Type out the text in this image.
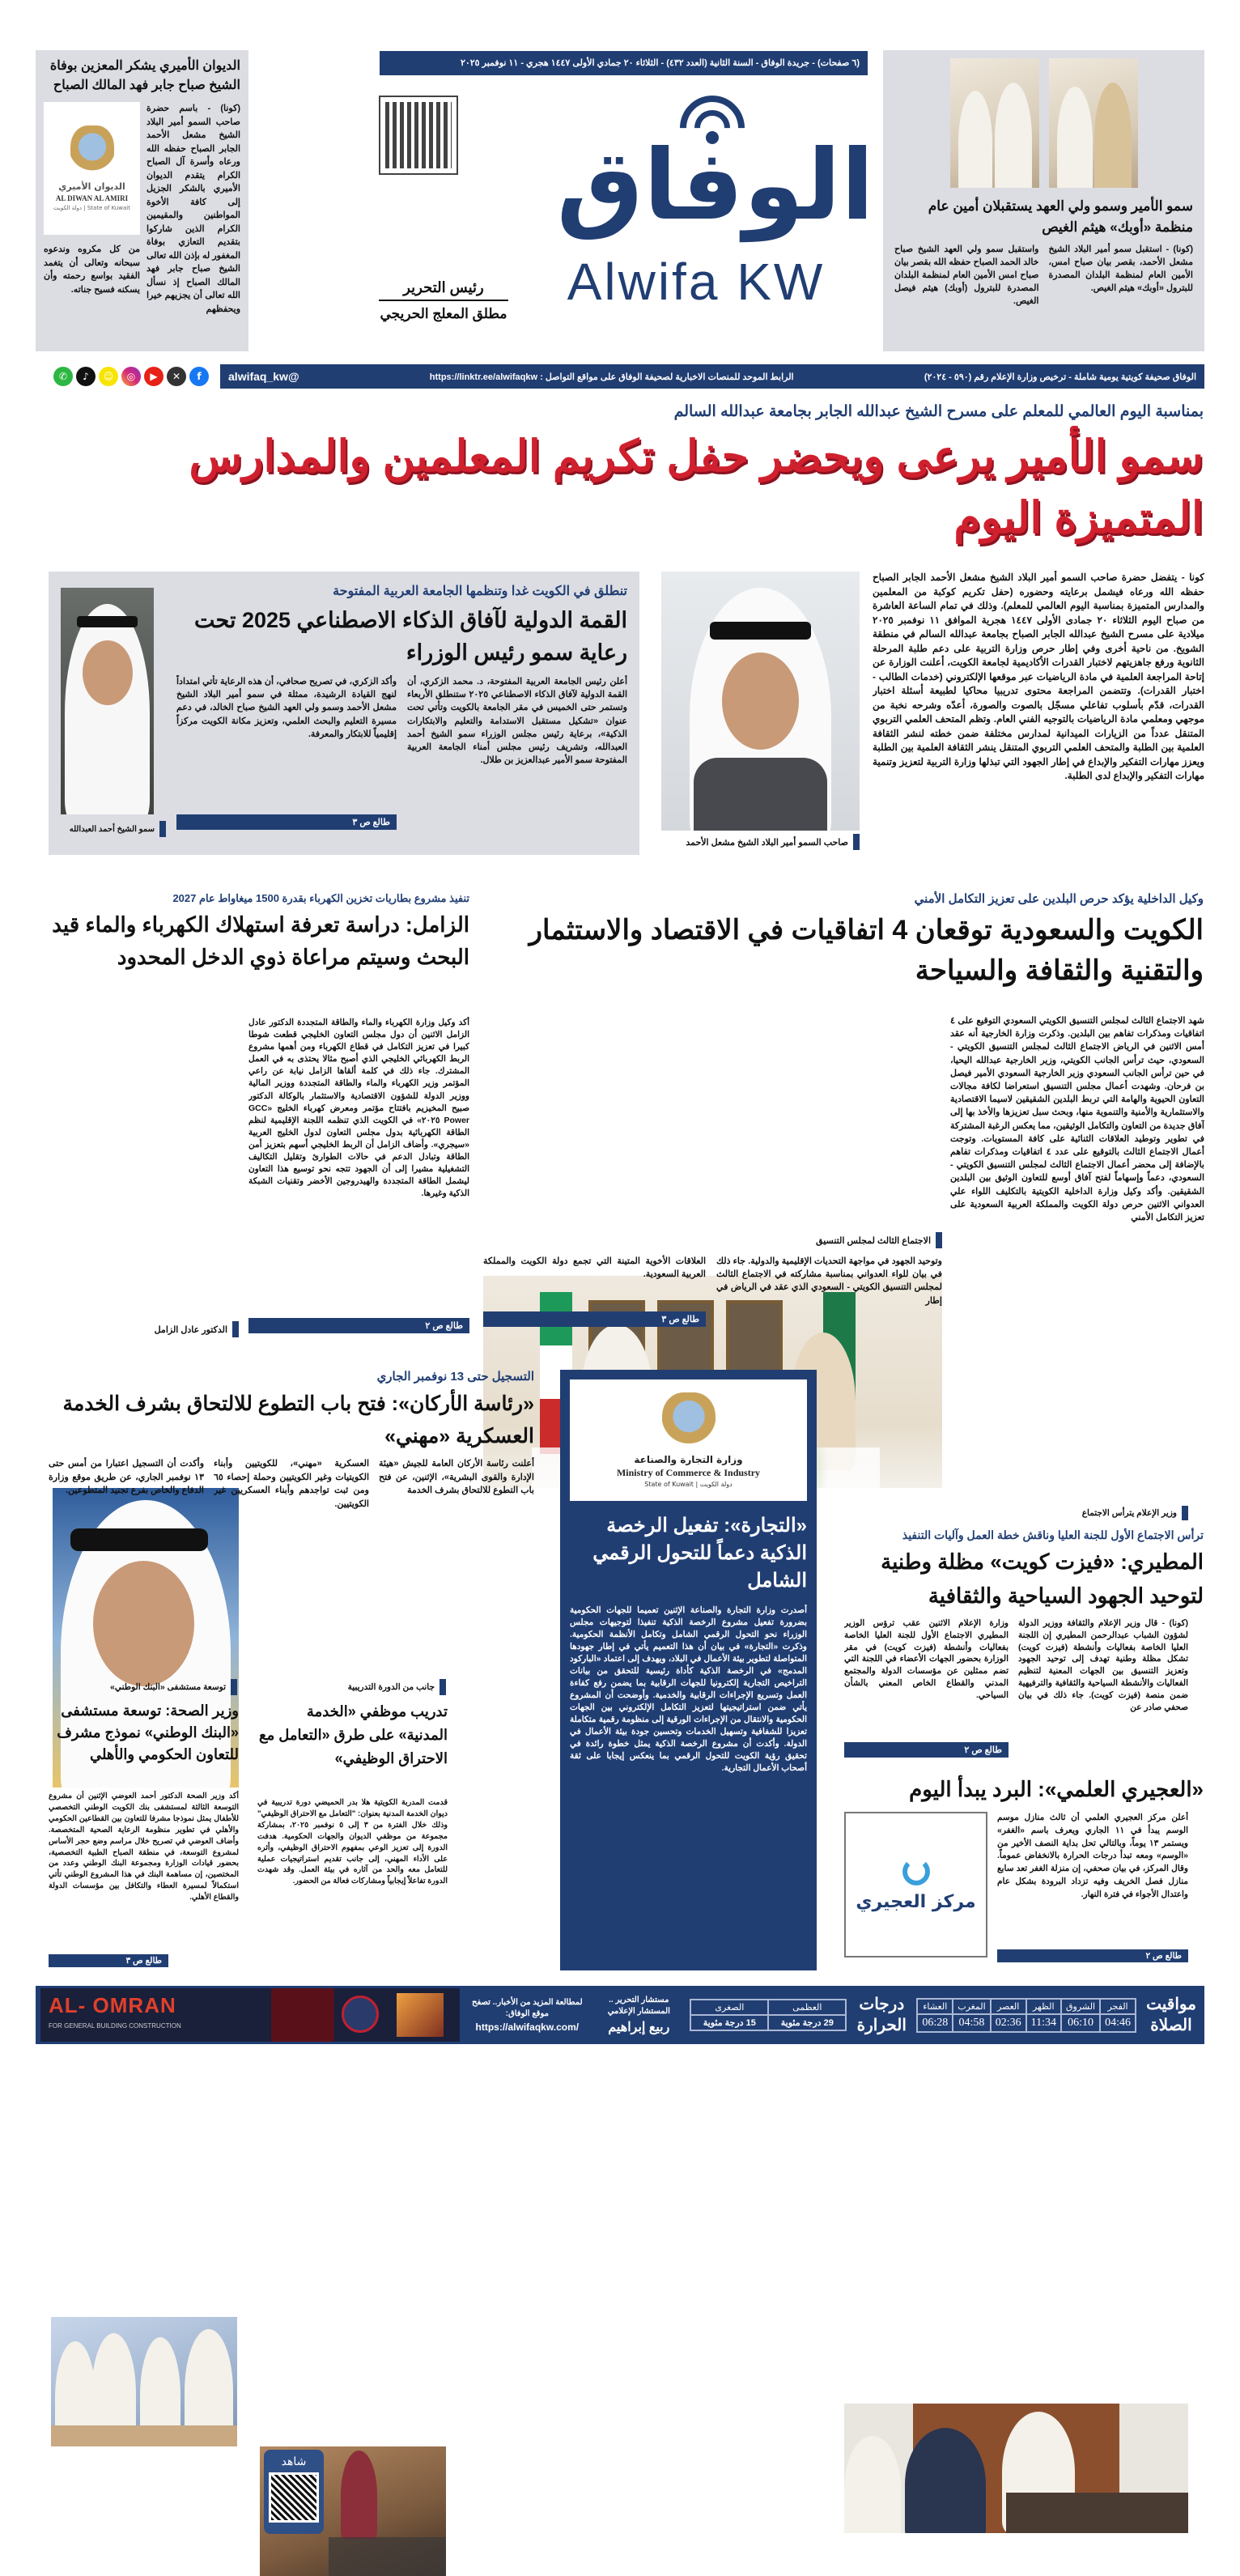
الديوان الأميري يشكر المعزين بوفاة الشيخ صباح جابر فهد المالك الصباح
(كونا) - باسم حضرة صاحب السمو أمير البلاد الشيخ مشعل الأحمد الجابر الصباح حفظه الله ورعاه وأسرة آل الصباح الكرام يتقدم الديوان الأميري بالشكر الجزيل إلى كافة الأخوة المواطنين والمقيمين الكرام الذين شاركوا بتقديم التعازي بوفاة المغفور له بإذن الله تعالى الشيخ صباح جابر فهد المالك الصباح إذ نسأل الله تعالى أن يجزيهم خيرا ويحفظهم
الديوان الأميري
AL DIWAN AL AMIRI
State of Kuwait | دولة الكويت
من كل مكروه وندعوه سبحانه وتعالى أن يتغمد الفقيد بواسع رحمته وأن يسكنه فسيح جناته.
(٦ صفحات) - جريدة الوفاق - السنة الثانية (العدد ٤٣٢) - الثلاثاء ٢٠ جمادي الأولى ١٤٤٧ هجري - ١١ نوفمبر ٢٠٢٥
الوفاق
Alwifa KW
رئيس التحرير
مطلق المعلج الحريجي
سمو الأمير وسمو ولي العهد يستقبلان أمين عام منظمة «أوبك» هيثم الغيص
(كونا) - استقبل سمو أمير البلاد الشيخ مشعل الأحمد، بقصر بيان صباح امس، الأمين العام لمنظمة البلدان المصدرة للبترول «أوبك» هيثم الغيص.
واستقبل سمو ولي العهد الشيخ صباح خالد الحمد الصباح حفظه الله بقصر بيان صباح امس الأمين العام لمنظمة البلدان المصدرة للبترول (أوبك) هيثم فيصل الغيص.
✆	♪	☺	◎	▶	✕	f	الوفاق صحيفة كويتية يومية شاملة - ترخيص وزارة الإعلام رقم (٥٩٠ - ٢٠٢٤)
الرابط الموحد للمنصات الاخبارية لصحيفة الوفاق على مواقع التواصل : https://linktr.ee/alwifaqkw
@alwifaq_kw
بمناسبة اليوم العالمي للمعلم على مسرح الشيخ عبدالله الجابر بجامعة عبدالله السالم
سمو الأمير يرعى ويحضر حفل تكريم المعلمين والمدارس المتميزة اليوم
كونا - يتفضل حضرة صاحب السمو أمير البلاد الشيخ مشعل الأحمد الجابر الصباح حفظه الله ورعاه فيشمل برعايته وحضوره (حفل تكريم كوكبة من المعلمين والمدارس المتميزة بمناسبة اليوم العالمي للمعلم). وذلك في تمام الساعة العاشرة من صباح اليوم الثلاثاء ٢٠ جمادى الأولى ١٤٤٧ هجرية الموافق ١١ نوفمبر ٢٠٢٥ ميلادية على مسرح الشيخ عبدالله الجابر الصباح بجامعة عبدالله السالم في منطقة الشويخ. من ناحية أخرى وفي إطار حرص وزارة التربية على دعم طلبة المرحلة الثانوية ورفع جاهزيتهم لاختبار القدرات الأكاديمية لجامعة الكويت، أعلنت الوزارة عن إتاحة المراجعة العلمية في مادة الرياضيات عبر موقعها الإلكتروني (خدمات الطالب - اختبار القدرات). وتتضمن المراجعة محتوى تدريبيا محاكيا لطبيعة أسئلة اختبار القدرات، قدّم بأسلوب تفاعلي مسجّل بالصوت والصورة، أعدّه وشرحه نخبة من موجهي ومعلمي مادة الرياضيات بالتوجيه الفني العام. وتظم المتحف العلمي التربوي المتنقل عدداً من الزيارات الميدانية لمدارس مختلفة ضمن خطته لنشر الثقافة العلمية بين الطلبة والمتحف العلمي التربوي المتنقل ينشر الثقافة العلمية بين الطلبة ويعزز مهارات التفكير والإبداع في إطار الجهود التي تبذلها وزارة التربية لتعزيز وتنمية مهارات التفكير والإبداع لدى الطلبة.
صاحب السمو أمير البلاد الشيخ مشعل الأحمد
سمو الشيخ أحمد العبدالله
تنطلق في الكويت غدا وتنظمها الجامعة العربية المفتوحة
القمة الدولية لآفاق الذكاء الاصطناعي 2025 تحت رعاية سمو رئيس الوزراء
أعلن رئيس الجامعة العربية المفتوحة، د. محمد الزكري، أن القمة الدولية لآفاق الذكاء الاصطناعي ٢٠٢٥ ستنطلق الأربعاء وتستمر حتى الخميس في مقر الجامعة بالكويت وتأتي تحت عنوان «تشكيل مستقبل الاستدامة والتعليم والابتكارات الذكية»، برعاية رئيس مجلس الوزراء سمو الشيخ أحمد العبدالله، وتشريف رئيس مجلس أمناء الجامعة العربية المفتوحة سمو الأمير عبدالعزيز بن طلال.
وأكد الزكري، في تصريح صحافي، أن هذه الرعاية تأتي امتداداً لنهج القيادة الرشيدة، ممثلة في سمو أمير البلاد الشيخ مشعل الأحمد وسمو ولي العهد الشيخ صباح الخالد، في دعم مسيرة التعليم والبحث العلمي، وتعزيز مكانة الكويت مركزاً إقليمياً للابتكار والمعرفة.
طالع ص ٣
وكيل الداخلية يؤكد حرص البلدين على تعزيز التكامل الأمني
الكويت والسعودية توقعان 4 اتفاقيات في الاقتصاد والاستثمار والتقنية والثقافة والسياحة
شهد الاجتماع الثالث لمجلس التنسيق الكويتي السعودي التوقيع على ٤ اتفاقيات ومذكرات تفاهم بين البلدين. وذكرت وزارة الخارجية أنه عقد أمس الاثنين في الرياض الاجتماع الثالث لمجلس التنسيق الكويتي - السعودي، حيث ترأس الجانب الكويتي، وزير الخارجية عبدالله اليحيا، في حين ترأس الجانب السعودي وزير الخارجية السعودي الأمير فيصل بن فرحان. وشهدت أعمال مجلس التنسيق استعراضا لكافة مجالات التعاون الحيوية والهامة التي تربط البلدين الشقيقين لاسيما الاقتصادية والاستثمارية والأمنية والتنموية منها، وبحث سبل تعزيزها والأخذ بها إلى آفاق جديدة من التعاون والتكامل الوثيقين، مما يعكس الرغبة المشتركة في تطوير وتوطيد العلاقات الثنائية على كافة المستويات. وتوجت أعمال الاجتماع الثالث بالتوقيع على عدد ٤ اتفاقيات ومذكرات تفاهم بالإضافة إلى محضر أعمال الاجتماع الثالث لمجلس التنسيق الكويتي - السعودي، دعماً وإسهاماً لفتح آفاق أوسع للتعاون الوثيق بين البلدين الشقيقين. وأكد وكيل وزارة الداخلية الكويتية بالتكليف اللواء علي العدواني الاثنين حرص دولة الكويت والمملكة العربية السعودية على تعزيز التكامل الأمني
الاجتماع الثالث لمجلس التنسيق
وتوحيد الجهود في مواجهة التحديات الإقليمية والدولية. جاء ذلك في بيان للواء العدواني بمناسبة مشاركته في الاجتماع الثالث لمجلس التنسيق الكويتي - السعودي الذي عقد في الرياض في إطار
العلاقات الأخوية المتينة التي تجمع دولة الكويت والمملكة العربية السعودية.
طالع ص ٣
تنفيذ مشروع بطاريات تخزين الكهرباء بقدرة 1500 ميغاواط عام 2027
الزامل: دراسة تعرفة استهلاك الكهرباء والماء قيد البحث وسيتم مراعاة ذوي الدخل المحدود
أكد وكيل وزارة الكهرباء والماء والطاقة المتجددة الدكتور عادل الزامل الاثنين أن دول مجلس التعاون الخليجي قطعت شوطا كبيرا في تعزيز التكامل في قطاع الكهرباء ومن أهمها مشروع الربط الكهربائي الخليجي الذي أصبح مثالا يحتذى به في العمل المشترك. جاء ذلك في كلمة ألقاها الزامل نيابة عن راعي المؤتمر وزير الكهرباء والماء والطاقة المتجددة ووزير المالية ووزير الدولة للشؤون الاقتصادية والاستثمار بالوكالة الدكتور صبيح المخيزيم بافتتاح مؤتمر ومعرض كهرباء الخليج «GCC Power ٢٠٢٥» في الكويت الذي تنظمه اللجنة الإقليمية لنظم الطاقة الكهربائية بدول مجلس التعاون لدول الخليج العربية «سيجري». وأضاف الزامل أن الربط الخليجي أسهم بتعزيز أمن الطاقة وتبادل الدعم في حالات الطوارئ وتقليل التكاليف التشغيلية مشيرا إلى أن الجهود تتجه نحو توسيع هذا التعاون ليشمل الطاقة المتجددة والهيدروجين الأخضر وتقنيات الشبكة الذكية وغيرها.
الدكتور عادل الزامل	طالع ص ٢
التسجيل حتى 13 نوفمبر الجاري
«رئاسة الأركان»: فتح باب التطوع للالتحاق بشرف الخدمة العسكرية «مهني»
أعلنت رئاسة الأركان العامة للجيش «هيئة الإدارة والقوى البشرية»، الإثنين، عن فتح باب التطوع للالتحاق بشرف الخدمة
العسكرية «مهني»، للكويتيين وأبناء الكويتيات وغير الكويتيين وحملة إحصاء ٦٥ ومن ثبت تواجدهم وأبناء العسكريين غير الكويتيين.
وأكدت أن التسجيل اعتبارا من أمس حتى ١٣ نوفمبر الجاري، عن طريق موقع وزارة الدفاع والخاص بفرع تجنيد المتطوعين.
توسعة مستشفى «البنك الوطني»
وزير الصحة: توسعة مستشفى «البنك الوطني» نموذج مشرف للتعاون الحكومي والأهلي
أكد وزير الصحة الدكتور أحمد العوضي الإثنين أن مشروع التوسعة الثالثة لمستشفى بنك الكويت الوطني التخصصي للأطفال يمثل نموذجا مشرفا للتعاون بين القطاعين الحكومي والأهلي في تطوير منظومة الرعاية الصحية المتخصصة. وأضاف العوضي في تصريح خلال مراسم وضع حجر الأساس لمشروع التوسعة، في منطقة الصباح الطبية التخصصية، بحضور قيادات الوزارة ومجموعة البنك الوطني وعدد من المختصين، إن مساهمة البنك في هذا المشروع الوطني تأتي استكمالاً لمسيرة العطاء والتكافل بين مؤسسات الدولة والقطاع الأهلي.
طالع ص ٣
شاهد
جانب من الدورة التدريبية
تدريب موظفي «الخدمة المدنية» على طرق «التعامل مع الاحتراق الوظيفي»
قدمت المدربة الكويتية هلا بدر الحميضي دورة تدريبية في ديوان الخدمة المدنية بعنوان: "التعامل مع الاحتراق الوظيفي" وذلك خلال الفترة من ٣ إلى ٥ نوفمبر ٢٠٢٥، بمشاركة مجموعة من موظفي الديوان والجهات الحكومية. هدفت الدورة إلى تعزيز الوعي بمفهوم الاحتراق الوظيفي، وأثره على الأداء المهني، إلى جانب تقديم استراتيجيات عملية للتعامل معه والحد من آثاره في بيئة العمل. وقد شهدت الدورة تفاعلاً إيجابياً ومشاركات فعالة من الحضور.
وزارة التجارة والصناعة
Ministry of Commerce & Industry
State of Kuwait | دولة الكويت
«التجارة»: تفعيل الرخصة الذكية دعماً للتحول الرقمي الشامل
أصدرت وزارة التجارة والصناعة الإثنين تعميما للجهات الحكومية بضرورة تفعيل مشروع الرخصة الذكية تنفيذا لتوجيهات مجلس الوزراء نحو التحول الرقمي الشامل وتكامل الأنظمة الحكومية. وذكرت «التجارة» في بيان أن هذا التعميم يأتي في إطار جهودها المتواصلة لتطوير بيئة الأعمال في البلاد، ويهدف إلى اعتماد «الباركود المدمج» في الرخصة الذكية كأداة رئيسية للتحقق من بيانات التراخيص التجارية إلكترونيا للجهات الرقابية بما يضمن رفع كفاءة العمل وتسريع الإجراءات الرقابية والخدمية. وأوضحت أن المشروع يأتي ضمن استراتيجيتها لتعزيز التكامل الإلكتروني بين الجهات الحكومية والانتقال من الإجراءات الورقية إلى منظومة رقمية متكاملة تعزيزا للشفافية وتسهيل الخدمات وتحسين جودة بيئة الأعمال في الدولة. وأكدت أن مشروع الرخصة الذكية يمثل خطوة رائدة في تحقيق رؤية الكويت للتحول الرقمي بما ينعكس إيجابا على ثقة أصحاب الأعمال التجارية.
وزير الإعلام يترأس الاجتماع
ترأس الاجتماع الأول للجنة العليا وناقش خطة العمل وآليات التنفيذ
المطيري: «فيزت كويت» مظلة وطنية لتوحيد الجهود السياحية والثقافية
(كونا) - قال وزير الإعلام والثقافة ووزير الدولة لشؤون الشباب عبدالرحمن المطيري إن اللجنة العليا الخاصة بفعاليات وأنشطة (فيزت كويت) تشكل مظلة وطنية تهدف إلى توحيد الجهود وتعزيز التنسيق بين الجهات المعنية لتنظيم الفعاليات والأنشطة السياحية والثقافية والترفيهية ضمن منصة (فيزت كويت). جاء ذلك في بيان صحفي صادر عن
وزارة الإعلام الاثنين عقب ترؤس الوزير المطيري الاجتماع الأول للجنة العليا الخاصة بفعاليات وأنشطة (فيزت كويت) في مقر الوزارة بحضور الجهات الأعضاء في اللجنة التي تضم ممثلين عن مؤسسات الدولة والمجتمع المدني والقطاع الخاص المعني بالشأن السياحي.
طالع ص ٢
«العجيري العلمي»: البرد يبدأ اليوم
مركز العجيري
أعلن مركز العجيري العلمي أن ثالث منازل موسم الوسم يبدأ في ١١ الجاري ويعرف باسم «الغفر» ويستمر ١٣ يوماً، وبالتالي تحل بداية النصف الأخير من «الوسم» ومعه تبدأ درجات الحرارة بالانخفاض عموماً. وقال المركز، في بيان صحفي، إن منزلة الغفر تعد سابع منازل فصل الخريف وفيه تزداد البرودة بشكل عام واعتدال الأجواء في فترة النهار.
طالع ص ٢
مواقيت الصلاة
الفجر	الشروق	الظهر	العصر	المغرب	العشاء
04:46	06:10	11:34	02:36	04:58	06:28
درجات الحرارة
العظمى	الصغرى
29 درجة مئوية	15 درجة مئوية
مستشار التحرير .. المستشار الإعلامي
ربيع إبراهيم
لمطالعة المزيد من الأخبار.. تصفح موقع الوفاق:
https://alwifaqkw.com/
AL- OMRAN
FOR GENERAL BUILDING CONSTRUCTION
